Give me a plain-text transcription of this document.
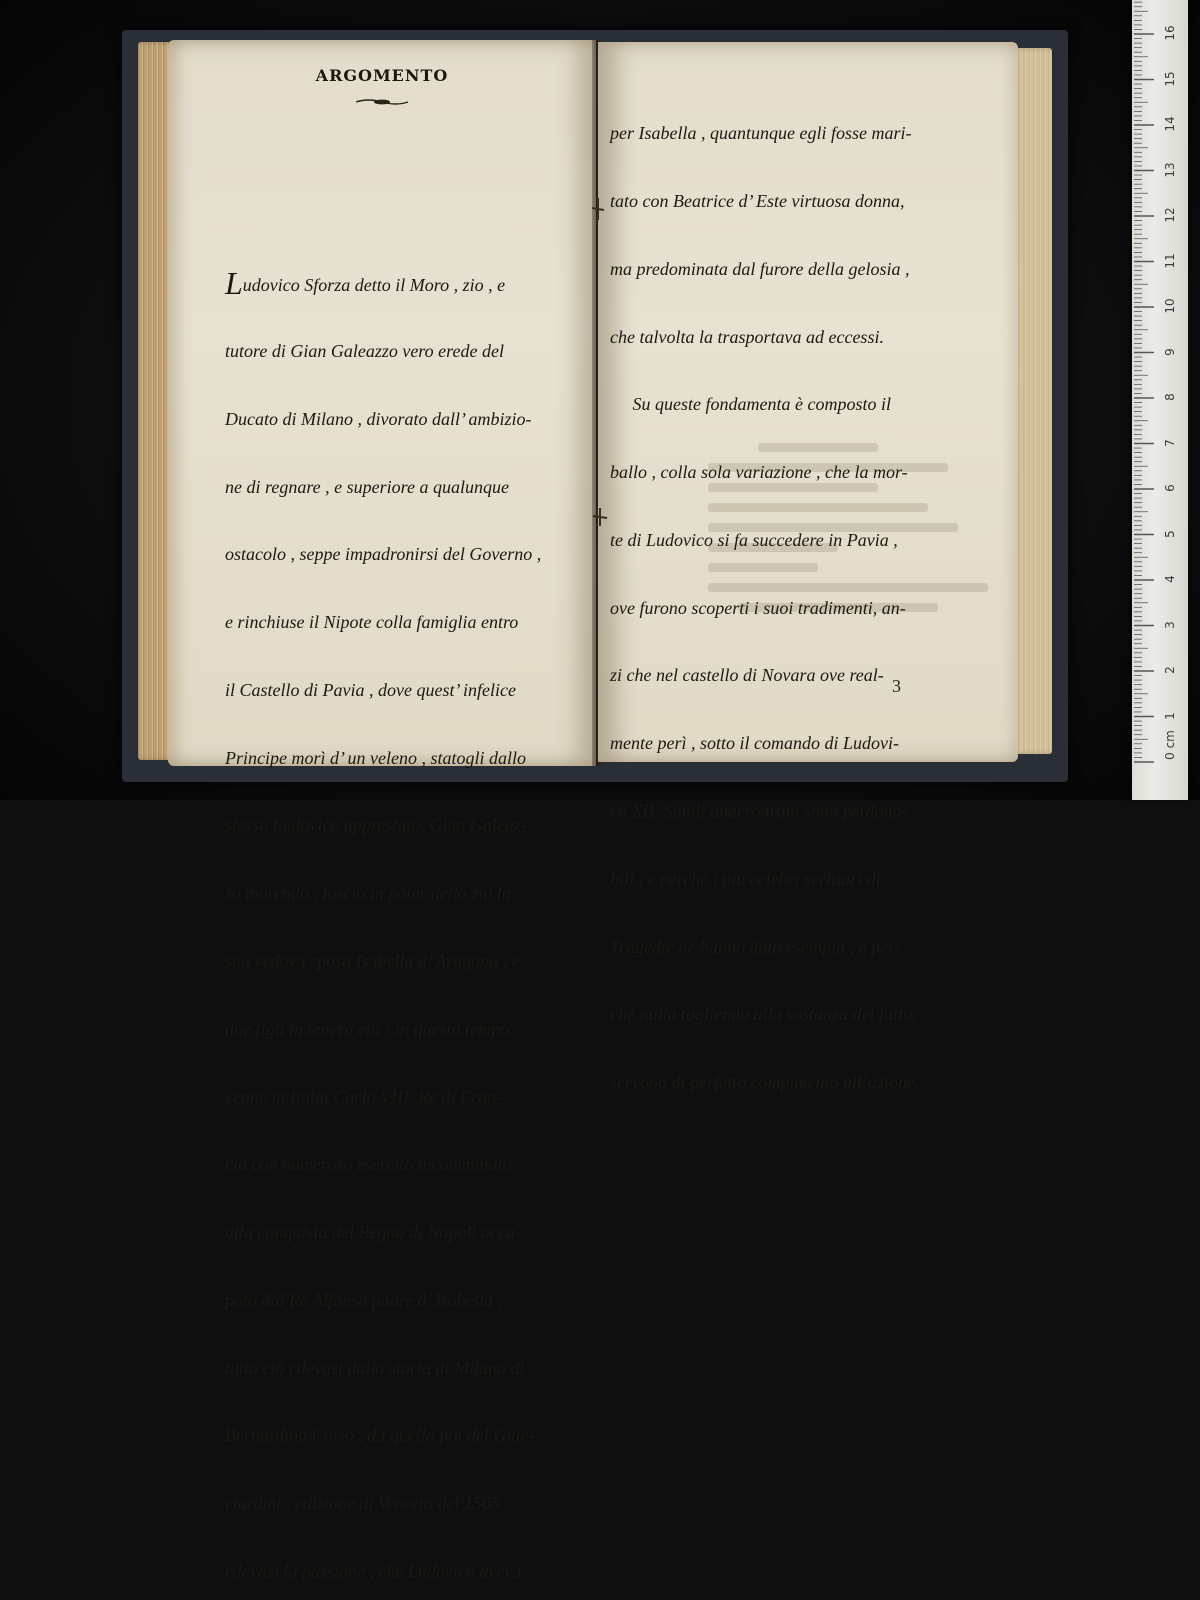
ARGOMENTO

Ludovico Sforza detto il Moro , zio , e

tutore di Gian Galeazzo vero erede del

Ducato di Milano , divorato dall’ ambizio-

ne di regnare , e superiore a qualunque

ostacolo , seppe impadronirsi del Governo ,

e rinchiuse il Nipote colla famiglia entro

il Castello di Pavia , dove quest’ infelice

Principe morì d’ un veleno , statogli dallo

stesso Ludovico apprestato. Gian Galeaz-

zo morendo , lasciò in poter dello zio la

sua vedova sposa Isabella d’ Aragona , e

due figli in tenera età : in questo tempo

venne in Italia Carlo VIII. Re di Fran-

cia con numeroso esercito incamminato

alla conquista del Regno di Napoli occu-

pato dal Re Alfonso padre d’ Isabella :

tutto ciò rilevasi dalla storia di Milano di

Bernardino Corio , da quella poi del Guic-

ciardini , edizione di Venezia del 1565

rilevasi la passione , che Ludovico aveva

per Isabella , quantunque egli fosse mari-

tato con Beatrice d’ Este virtuosa donna,

ma predominata dal furore della gelosia ,

che talvolta la trasportava ad eccessi.

Su queste fondamenta è composto il

ballo , colla sola variazione , che la mor-

te di Ludovico si fa succedere in Pavia ,

ove furono scoperti i suoi tradimenti, an-

zi che nel castello di Novara ove real-

mente perì , sotto il comando di Ludovi-

co XII. Simili anacronismi sono perdona-

bili , e perchè i più celebri scrittori di

Tragedie ne hanno dato esempio , e per-

chè nulla togliendo alla sostanza del fatto,

servono di perfetto compimento all’azione.

3
0 cm
1
2
3
4
5
6
7
8
9
10
11
12
13
14
15
16
